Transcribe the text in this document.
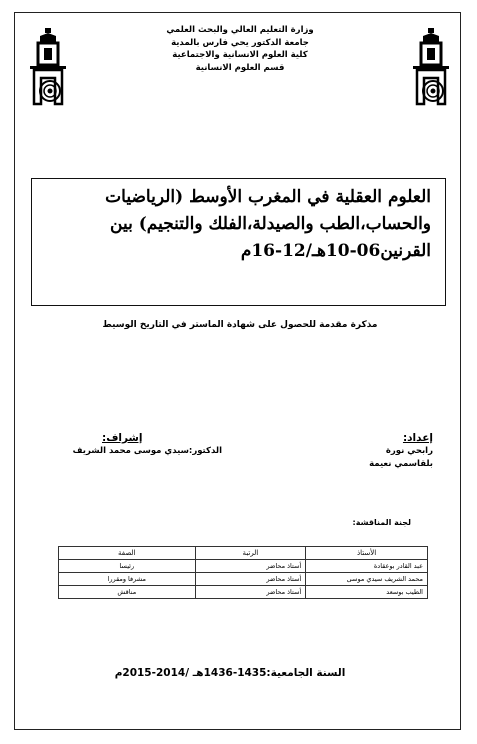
وزارة التعليم العالي والبحث العلمي
جامعة الدكتور يحي فارس بالمدية
كلية العلوم الانسانية والاجتماعية
قسم العلوم الانسانية
العلوم العقلية في المغرب الأوسط (الرياضيات
والحساب،الطب والصيدلة،الفلك والتنجيم) بين
القرنين06-10هـ/12-16م
مذكرة مقدمة للحصول على شهادة الماستر في التاريخ الوسيط
إعداد:
رابحي نورة
بلقاسمي نعيمة
إشراف:
الدكتور:سيدي موسى محمد الشريف
لجنة المناقشة:
الأستاذ	الرتبة	الصفة
عبد القادر بوعقادة	أستاذ محاضر	رئيسا
محمد الشريف سيدي موسى	أستاذ محاضر	مشرفا ومقررا
الطيب بوسعد	أستاذ محاضر	مناقش
السنة الجامعية:1435-1436هـ /2014-2015م
